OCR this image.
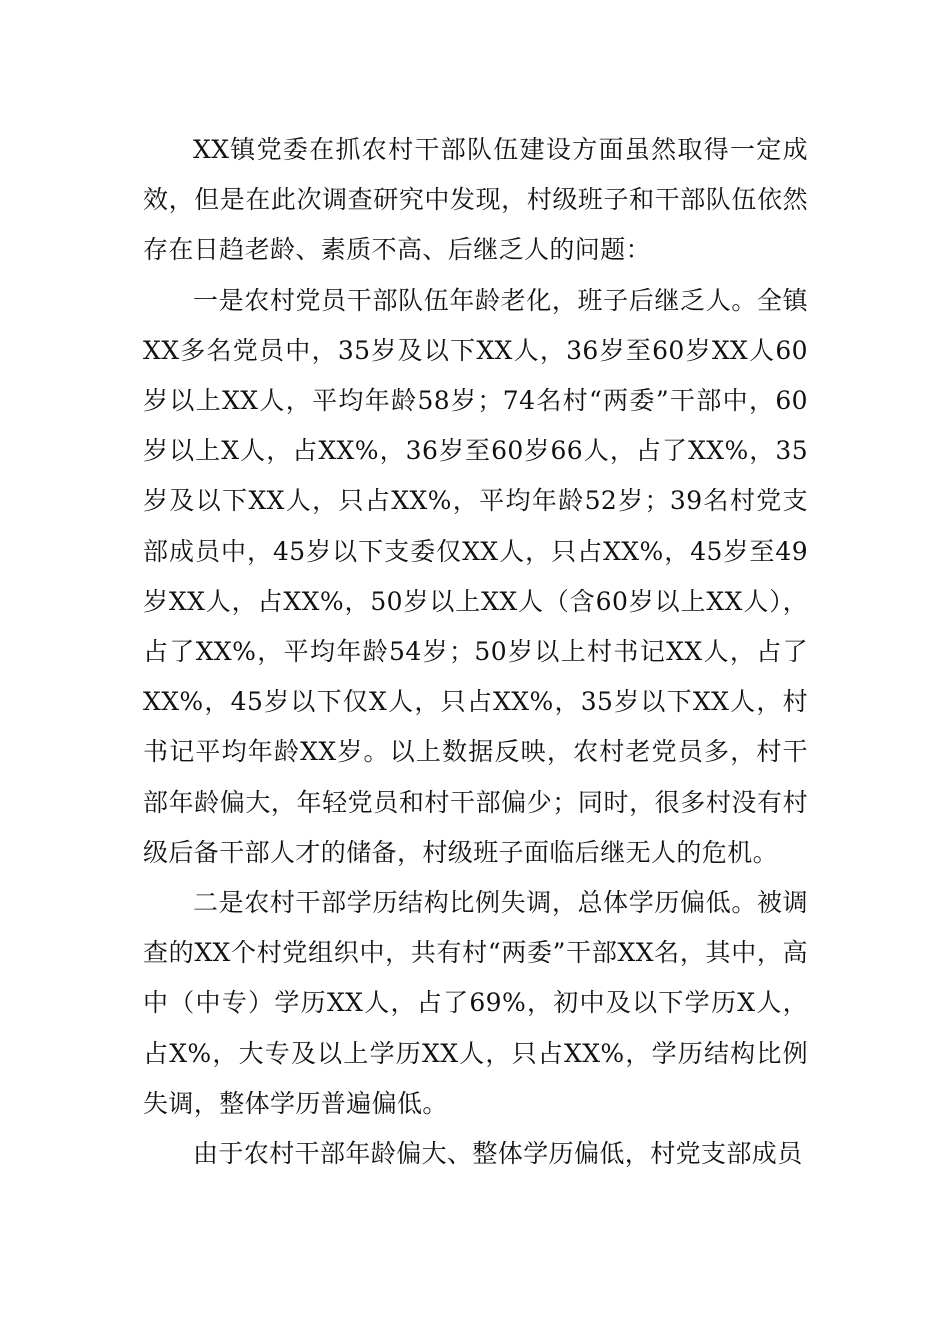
XX镇党委在抓农村干部队伍建设方面虽然取得一定成效，但是在此次调查研究中发现，村级班子和干部队伍依然存在日趋老龄、素质不高、后继乏人的问题：

一是农村党员干部队伍年龄老化，班子后继乏人。全镇XX多名党员中，35岁及以下XX人，36岁至60岁XX人60岁以上XX人，平均年龄58岁；74名村“两委”干部中，60岁以上X人，占XX%，36岁至60岁66人，占了XX%，35岁及以下XX人，只占XX%，平均年龄52岁；39名村党支部成员中，45岁以下支委仅XX人，只占XX%，45岁至49岁XX人，占XX%，50岁以上XX人（含60岁以上XX人），占了XX%，平均年龄54岁；50岁以上村书记XX人，占了XX%，45岁以下仅X人，只占XX%，35岁以下XX人，村书记平均年龄XX岁。以上数据反映，农村老党员多，村干部年龄偏大，年轻党员和村干部偏少；同时，很多村没有村级后备干部人才的储备，村级班子面临后继无人的危机。

二是农村干部学历结构比例失调，总体学历偏低。被调查的XX个村党组织中，共有村“两委”干部XX名，其中，高中（中专）学历XX人，占了69%，初中及以下学历X人，占X%，大专及以上学历XX人，只占XX%，学历结构比例失调，整体学历普遍偏低。

由于农村干部年龄偏大、整体学历偏低，村党支部成员
